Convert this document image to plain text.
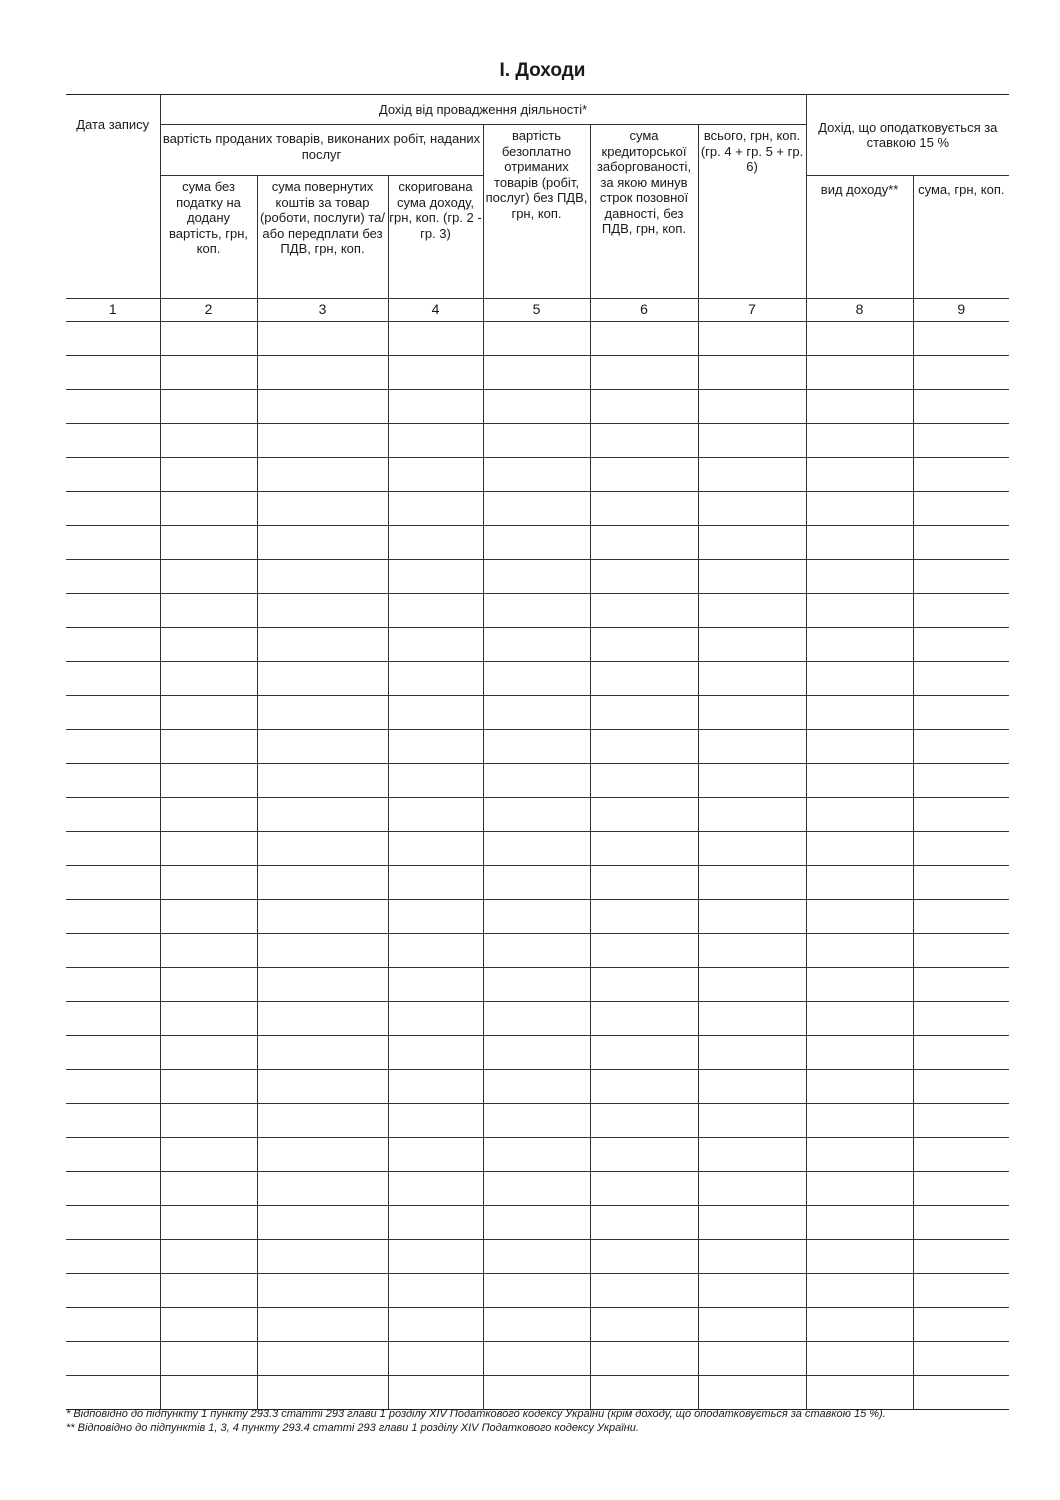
I. Доходи
Дата запису	Дохід від провадження діяльності*						Дохід, що оподатковується за ставкою 15 %	
	вартість проданих товарів, виконаних робіт, наданих послуг			вартість безоплатно отриманих товарів (робіт, послуг) без ПДВ, грн, коп.	сума кредиторської заборгованості, за якою минув строк позовної давності, без ПДВ, грн, коп.	всього, грн, коп. (гр. 4 + гр. 5 + гр. 6)		
	сума без податку на додану вартість, грн, коп.	сума повернутих коштів за товар (роботи, послуги) та/або передплати без ПДВ, грн, коп.	скоригована сума доходу, грн, коп. (гр. 2 - гр. 3)				вид доходу**	сума, грн, коп.
1	2	3	4	5	6	7	8	9

* Відповідно до підпункту 1 пункту 293.3 статті 293 глави 1 розділу XIV Податкового кодексу України (крім доходу, що оподатковується за ставкою 15 %).
** Відповідно до підпунктів 1, 3, 4 пункту 293.4 статті 293 глави 1 розділу XIV Податкового кодексу України.
